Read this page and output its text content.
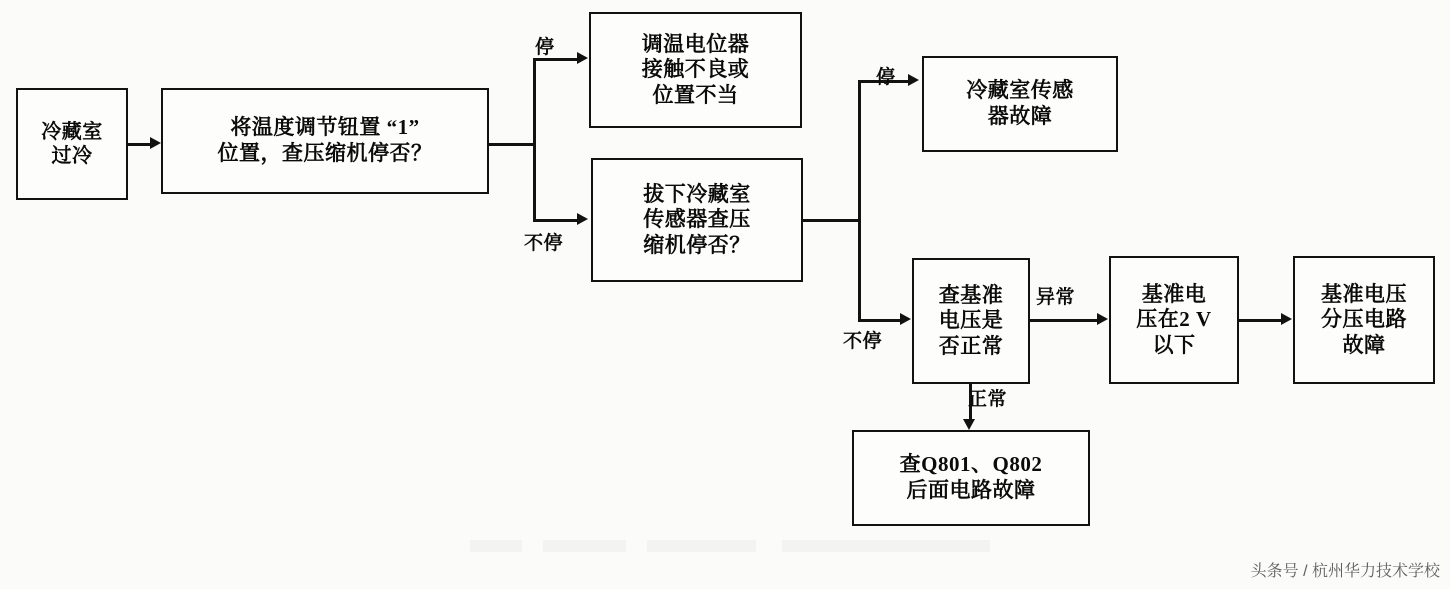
冷藏室
过冷
将温度调节钮置 “1”
位置，查压缩机停否？
调温电位器
接触不良或
位置不当
拔下冷藏室
传感器查压
缩机停否？
冷藏室传感
器故障
查基准
电压是
否正常
基准电
压在2 V
以下
基准电压
分压电路
故障
查Q801、Q802
后面电路故障
停
不停
停
不停
异常
正常
头条号 / 杭州华力技术学校
